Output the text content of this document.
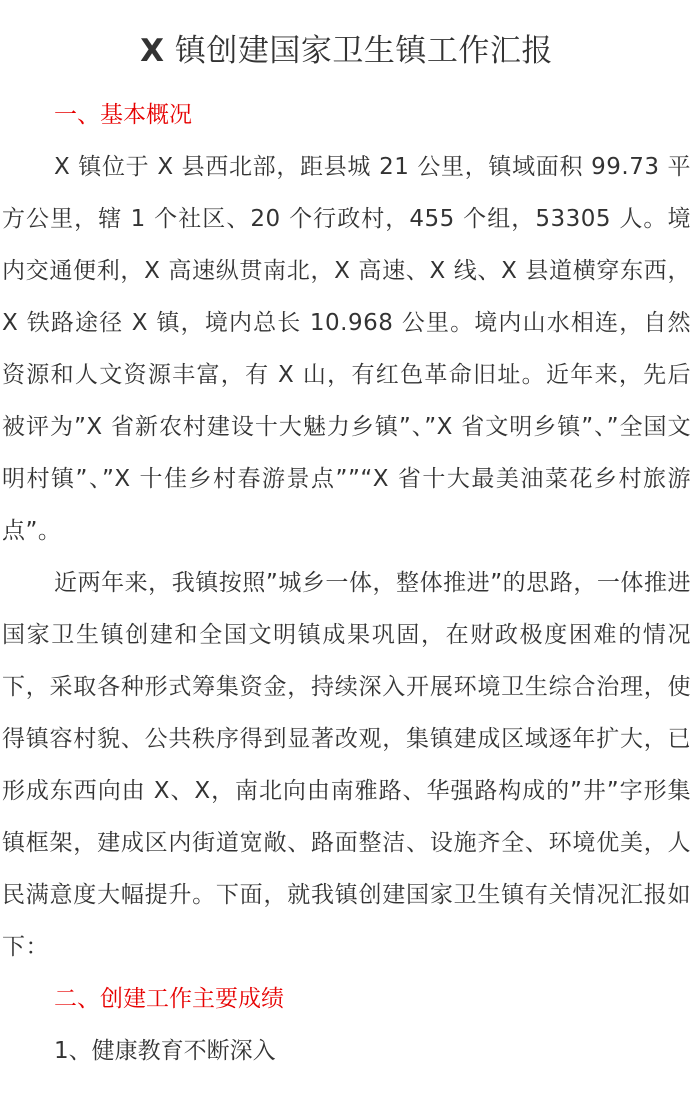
X 镇创建国家卫生镇工作汇报
一、基本概况

X 镇位于 X 县西北部，距县城 21 公里，镇域面积 99.73 平方公里，辖 1 个社区、20 个行政村，455 个组，53305 人。境内交通便利，X 高速纵贯南北，X 高速、X 线、X 县道横穿东西，X 铁路途径 X 镇，境内总长 10.968 公里。境内山水相连，自然资源和人文资源丰富，有 X 山，有红色革命旧址。近年来，先后被评为”X 省新农村建设十大魅力乡镇”、”X 省文明乡镇”、”全国文明村镇”、”X 十佳乡村春游景点””“X 省十大最美油菜花乡村旅游点”。

近两年来，我镇按照”城乡一体，整体推进”的思路，一体推进国家卫生镇创建和全国文明镇成果巩固，在财政极度困难的情况下，采取各种形式筹集资金，持续深入开展环境卫生综合治理，使得镇容村貌、公共秩序得到显著改观，集镇建成区域逐年扩大，已形成东西向由 X、X，南北向由南雅路、华强路构成的”井”字形集镇框架，建成区内街道宽敞、路面整洁、设施齐全、环境优美，人民满意度大幅提升。下面，就我镇创建国家卫生镇有关情况汇报如下：

二、创建工作主要成绩

1、健康教育不断深入
